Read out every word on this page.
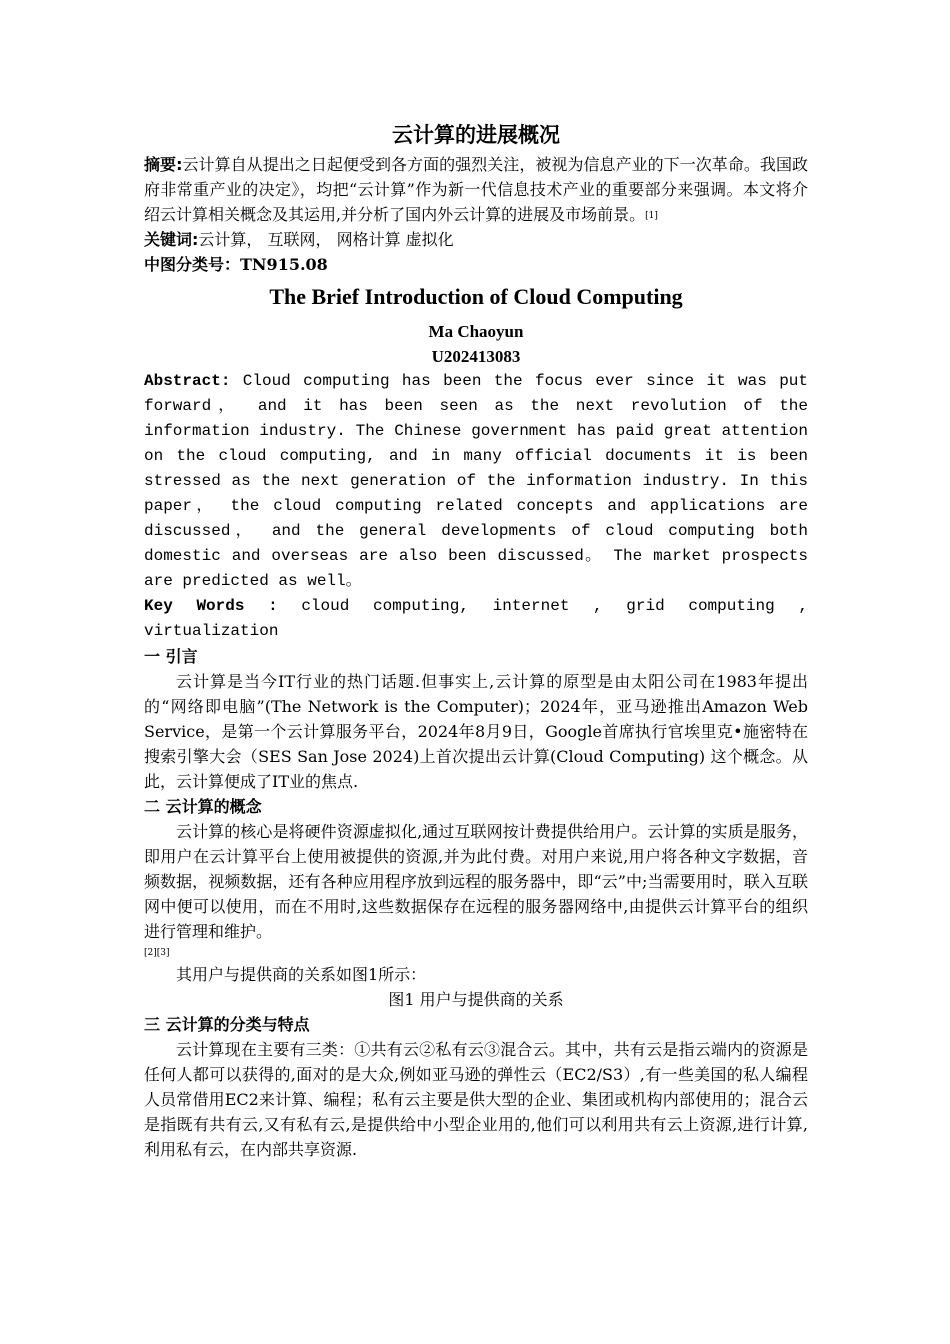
云计算的进展概况
摘要:云计算自从提出之日起便受到各方面的强烈关注，被视为信息产业的下一次革命。我国政府非常重产业的决定》，均把“云计算”作为新一代信息技术产业的重要部分来强调。本文将介绍云计算相关概念及其运用,并分析了国内外云计算的进展及市场前景。[1]
关键词:云计算， 互联网， 网格计算 虚拟化
中图分类号：TN915.08
The Brief Introduction of Cloud Computing
Ma Chaoyun
U202413083
Abstract: Cloud computing has been the focus ever since it was put forward， and it has been seen as the next revolution of the information industry. The Chinese government has paid great attention on the cloud computing, and in many official documents it is been stressed as the next generation of the information industry. In this paper， the cloud computing related concepts and applications are discussed， and the general developments of cloud computing both domestic and overseas are also been discussed。 The market prospects are predicted as well。
Key Words : cloud computing, internet , grid computing , virtualization
一 引言
云计算是当今IT行业的热门话题.但事实上,云计算的原型是由太阳公司在1983年提出的“网络即电脑”(The Network is the Computer)；2024年，亚马逊推出Amazon Web Service，是第一个云计算服务平台，2024年8月9日，Google首席执行官埃里克•施密特在搜索引擎大会（SES San Jose 2024)上首次提出云计算(Cloud Computing) 这个概念。从此，云计算便成了IT业的焦点.
二 云计算的概念
云计算的核心是将硬件资源虚拟化,通过互联网按计费提供给用户。云计算的实质是服务，即用户在云计算平台上使用被提供的资源,并为此付费。对用户来说,用户将各种文字数据，音频数据，视频数据，还有各种应用程序放到远程的服务器中，即“云”中;当需要用时，联入互联网中便可以使用，而在不用时,这些数据保存在远程的服务器网络中,由提供云计算平台的组织进行管理和维护。
[2][3]
其用户与提供商的关系如图1所示：
图1 用户与提供商的关系
三 云计算的分类与特点
云计算现在主要有三类：①共有云②私有云③混合云。其中，共有云是指云端内的资源是任何人都可以获得的,面对的是大众,例如亚马逊的弹性云（EC2/S3）,有一些美国的私人编程人员常借用EC2来计算、编程；私有云主要是供大型的企业、集团或机构内部使用的；混合云是指既有共有云,又有私有云,是提供给中小型企业用的,他们可以利用共有云上资源,进行计算,利用私有云，在内部共享资源.
